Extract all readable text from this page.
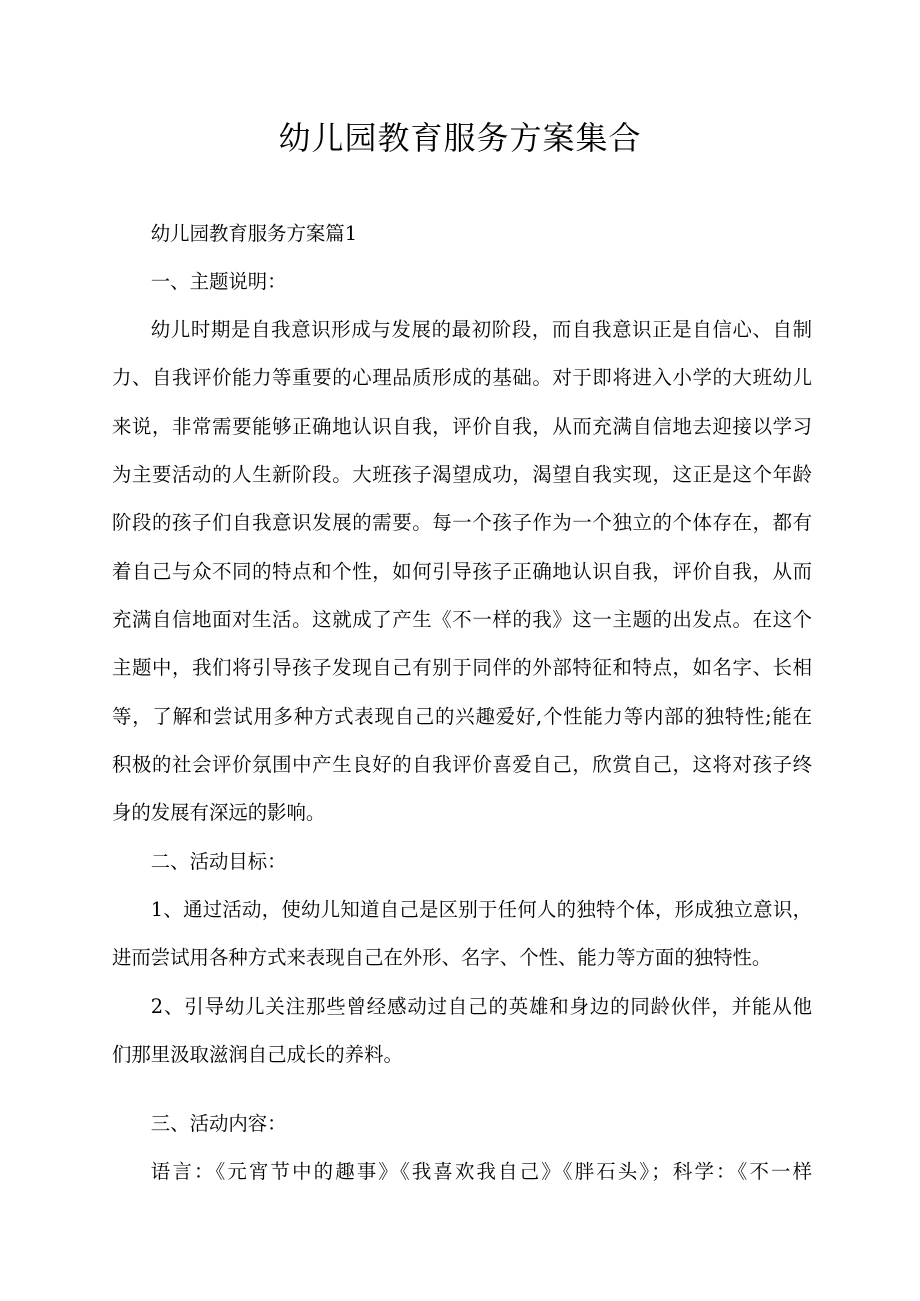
幼儿园教育服务方案集合
幼儿园教育服务方案篇1
一、主题说明：
幼儿时期是自我意识形成与发展的最初阶段，而自我意识正是自信心、自制
力、自我评价能力等重要的心理品质形成的基础。对于即将进入小学的大班幼儿
来说，非常需要能够正确地认识自我，评价自我，从而充满自信地去迎接以学习
为主要活动的人生新阶段。大班孩子渴望成功，渴望自我实现，这正是这个年龄
阶段的孩子们自我意识发展的需要。每一个孩子作为一个独立的个体存在，都有
着自己与众不同的特点和个性，如何引导孩子正确地认识自我，评价自我，从而
充满自信地面对生活。这就成了产生《不一样的我》这一主题的出发点。在这个
主题中，我们将引导孩子发现自己有别于同伴的外部特征和特点，如名字、长相
等，了解和尝试用多种方式表现自己的兴趣爱好,个性能力等内部的独特性;能在
积极的社会评价氛围中产生良好的自我评价喜爱自己，欣赏自己，这将对孩子终
身的发展有深远的影响。
二、活动目标：
1、通过活动，使幼儿知道自己是区别于任何人的独特个体，形成独立意识，
进而尝试用各种方式来表现自己在外形、名字、个性、能力等方面的独特性。
2、引导幼儿关注那些曾经感动过自己的英雄和身边的同龄伙伴，并能从他
们那里汲取滋润自己成长的养料。
三、活动内容：
语言：《元宵节中的趣事》《我喜欢我自己》《胖石头》；科学：《不一样
